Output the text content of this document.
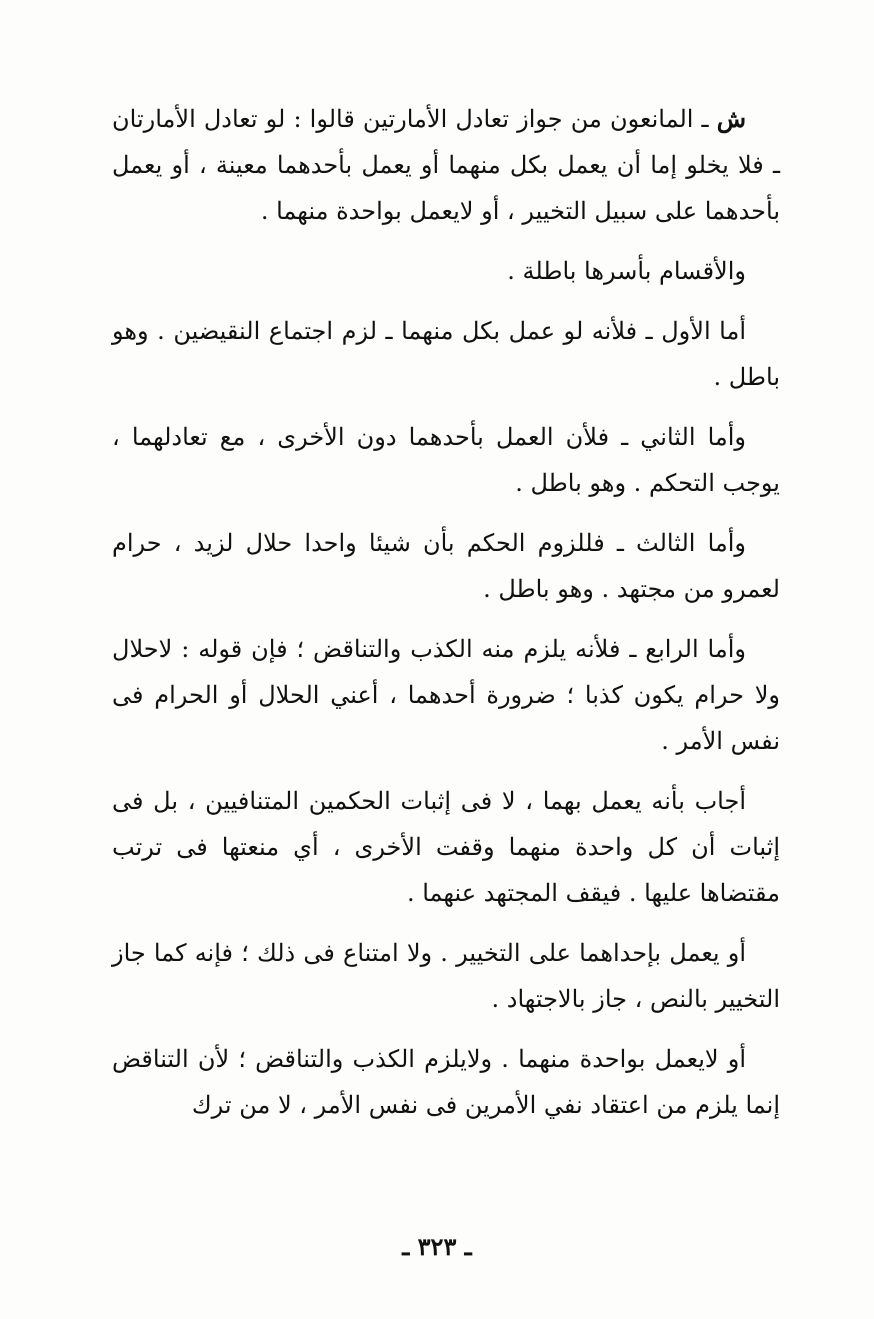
ش ـ المانعون من جواز تعادل الأمارتين قالوا : لو تعادل الأمارتان ـ فلا يخلو إما أن يعمل بكل منهما أو يعمل بأحدهما معينة ، أو يعمل بأحدهما على سبيل التخيير ، أو لايعمل بواحدة منهما .

والأقسام بأسرها باطلة .

أما الأول ـ فلأنه لو عمل بكل منهما ـ لزم اجتماع النقيضين . وهو باطل .

وأما الثاني ـ فلأن العمل بأحدهما دون الأخرى ، مع تعادلهما ، يوجب التحكم . وهو باطل .

وأما الثالث ـ فللزوم الحكم بأن شيئا واحدا حلال لزيد ، حرام لعمرو من مجتهد . وهو باطل .

وأما الرابع ـ فلأنه يلزم منه الكذب والتناقض ؛ فإن قوله : لاحلال ولا حرام يكون كذبا ؛ ضرورة أحدهما ، أعني الحلال أو الحرام فى نفس الأمر .

أجاب بأنه يعمل بهما ، لا فى إثبات الحكمين المتنافيين ، بل فى إثبات أن كل واحدة منهما وقفت الأخرى ، أي منعتها فى ترتب مقتضاها عليها . فيقف المجتهد عنهما .

أو يعمل بإحداهما على التخيير . ولا امتناع فى ذلك ؛ فإنه كما جاز التخيير بالنص ، جاز بالاجتهاد .

أو لايعمل بواحدة منهما . ولايلزم الكذب والتناقض ؛ لأن التناقض إنما يلزم من اعتقاد نفي الأمرين فى نفس الأمر ، لا من ترك

ـ ٣٢٣ ـ
